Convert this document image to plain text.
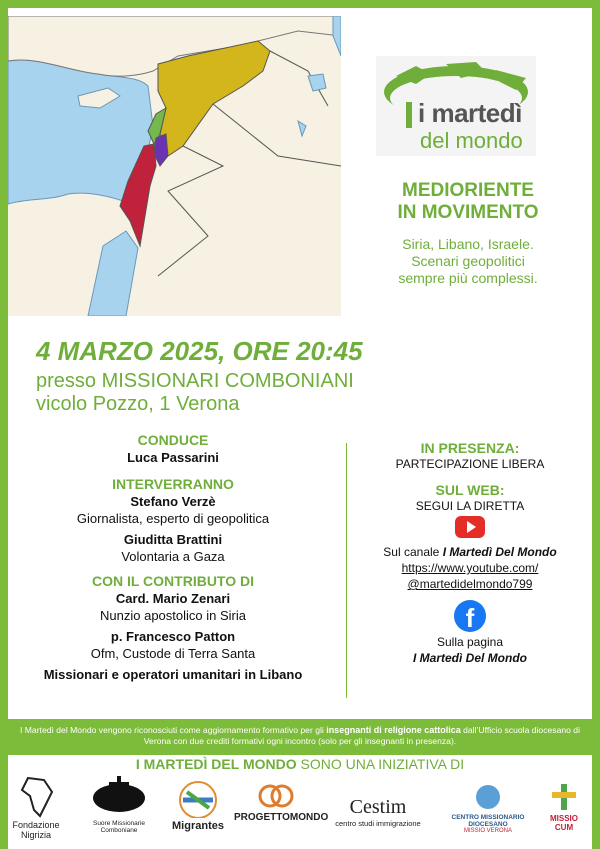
i martedì
del mondo
MEDIORIENTE
IN MOVIMENTO
Siria, Libano, Israele.
Scenari geopolitici
sempre più complessi.
4 MARZO 2025, ORE 20:45
presso MISSIONARI COMBONIANI
vicolo Pozzo, 1 Verona
CONDUCE
Luca Passarini
INTERVERRANNO
Stefano Verzè
Giornalista, esperto di geopolitica
Giuditta Brattini
Volontaria a Gaza
CON IL CONTRIBUTO DI
Card. Mario Zenari
Nunzio apostolico in Siria
p. Francesco Patton
Ofm, Custode di Terra Santa
Missionari e operatori umanitari in Libano
IN PRESENZA:
PARTECIPAZIONE LIBERA
SUL WEB:
SEGUI LA DIRETTA
Sul canale I Martedì Del Mondo
https://www.youtube.com/
@martedidelmondo799
f
Sulla pagina
I Martedì Del Mondo
I Martedì del Mondo vengono riconosciuti come aggiornamento formativo per gli insegnanti di religione cattolica dall’Ufficio scuola diocesano di Verona con due crediti formativi ogni incontro (solo per gli insegnanti in presenza).
I MARTEDÌ DEL MONDO SONO UNA INIZIATIVA DI
Fondazione Nigrizia
Suore Missionarie Comboniane	Migrantes
PROGETTOMONDO	Cestim
centro studi immigrazione
CENTRO MISSIONARIO DIOCESANO
MISSIO VERONA
MISSIO
CUM
